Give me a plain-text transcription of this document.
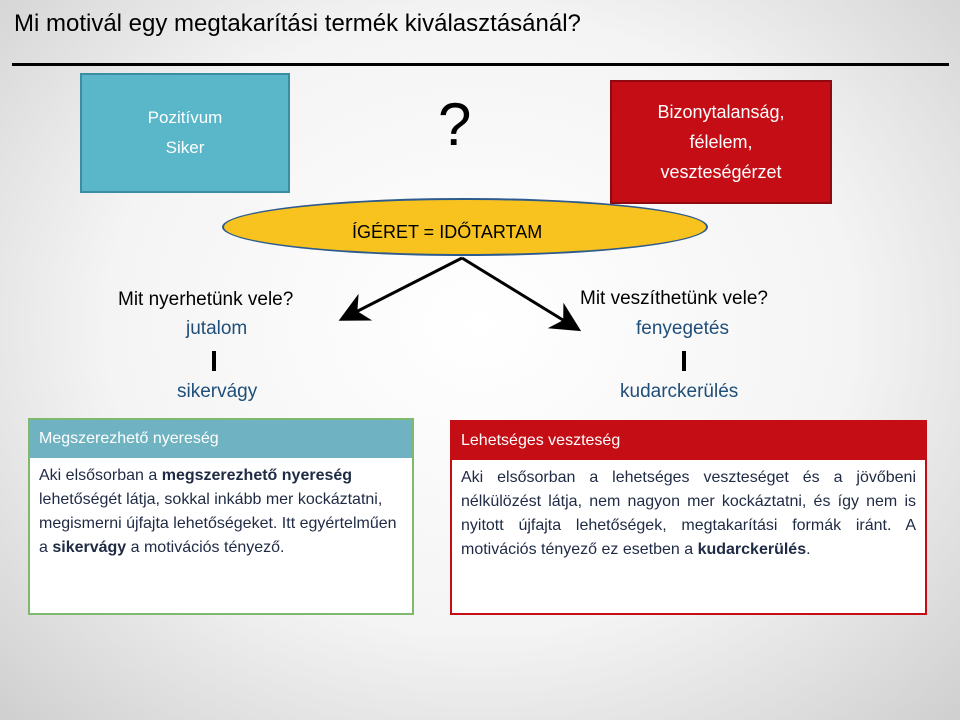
Mi motivál egy megtakarítási termék kiválasztásánál?
Pozitívum
Siker	?	Bizonytalanság,
félelem,
veszteségérzet
ÍGÉRET = IDŐTARTAM
Mit nyerhetünk vele?
jutalom
sikervágy
Mit veszíthetünk vele?
fenyegetés
kudarckerülés
Megszerezhető nyereség
Aki elsősorban a megszerezhető nyereség lehetőségét látja, sokkal inkább mer kockáztatni, megismerni újfajta lehetőségeket. Itt egyértelműen a sikervágy a motivációs tényező.
Lehetséges veszteség
Aki elsősorban a lehetséges veszteséget és a jövőbeni nélkülözést látja, nem nagyon mer kockáztatni, és így nem is nyitott újfajta lehetőségek, megtakarítási formák iránt. A motivációs tényező ez esetben a kudarckerülés.
